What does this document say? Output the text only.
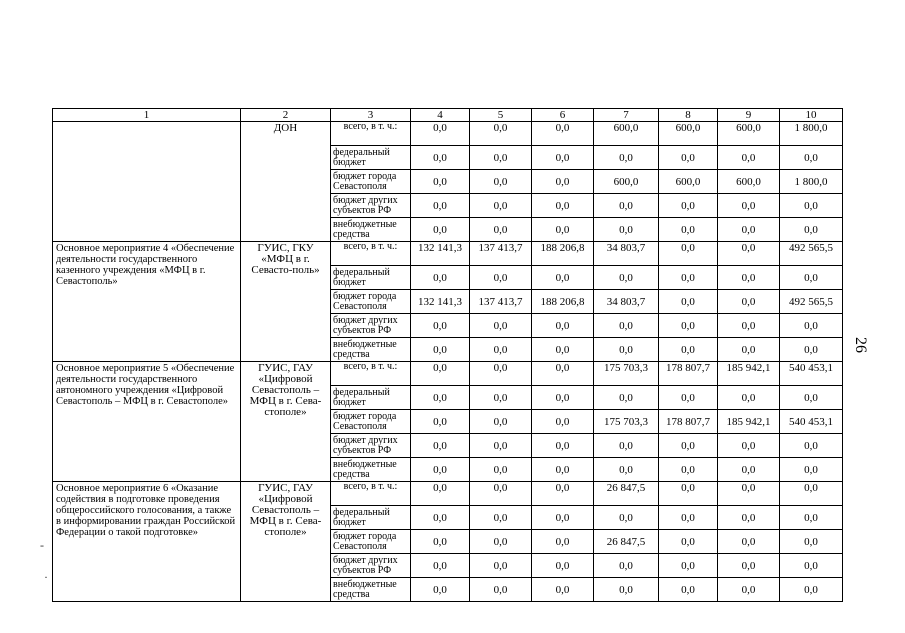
1	2	3	4	5	6	7	8	9	10
	ДОН	всего, в т. ч.:	0,0	0,0	0,0	600,0	600,0	600,0	1 800,0
		федеральный бюджет	0,0	0,0	0,0	0,0	0,0	0,0	0,0
		бюджет города Севастополя	0,0	0,0	0,0	600,0	600,0	600,0	1 800,0
		бюджет других субъектов РФ	0,0	0,0	0,0	0,0	0,0	0,0	0,0
		внебюджетные средства	0,0	0,0	0,0	0,0	0,0	0,0	0,0
Основное мероприятие 4 «Обеспечение деятельности государственного казенного учреждения «МФЦ в г. Севастополь»	ГУИС, ГКУ «МФЦ в г. Севасто-поль»	всего, в т. ч.:	132 141,3	137 413,7	188 206,8	34 803,7	0,0	0,0	492 565,5
		федеральный бюджет	0,0	0,0	0,0	0,0	0,0	0,0	0,0
		бюджет города Севастополя	132 141,3	137 413,7	188 206,8	34 803,7	0,0	0,0	492 565,5
		бюджет других субъектов РФ	0,0	0,0	0,0	0,0	0,0	0,0	0,0
		внебюджетные средства	0,0	0,0	0,0	0,0	0,0	0,0	0,0
Основное мероприятие 5 «Обеспечение деятельности государственного автономного учреждения «Цифровой Севастополь – МФЦ в г. Севастополе»	ГУИС, ГАУ «Цифровой Севастополь – МФЦ в г. Сева-стополе»	всего, в т. ч.:	0,0	0,0	0,0	175 703,3	178 807,7	185 942,1	540 453,1
		федеральный бюджет	0,0	0,0	0,0	0,0	0,0	0,0	0,0
		бюджет города Севастополя	0,0	0,0	0,0	175 703,3	178 807,7	185 942,1	540 453,1
		бюджет других субъектов РФ	0,0	0,0	0,0	0,0	0,0	0,0	0,0
		внебюджетные средства	0,0	0,0	0,0	0,0	0,0	0,0	0,0
Основное мероприятие 6 «Оказание содействия в подготовке проведения общероссийского голосования, а также в информировании граждан Российской Федерации о такой подготовке»	ГУИС, ГАУ «Цифровой Севастополь – МФЦ в г. Сева-стополе»	всего, в т. ч.:	0,0	0,0	0,0	26 847,5	0,0	0,0	0,0
		федеральный бюджет	0,0	0,0	0,0	0,0	0,0	0,0	0,0
		бюджет города Севастополя	0,0	0,0	0,0	26 847,5	0,0	0,0	0,0
		бюджет других субъектов РФ	0,0	0,0	0,0	0,0	0,0	0,0	0,0
		внебюджетные средства	0,0	0,0	0,0	0,0	0,0	0,0	0,0
26
-
·
